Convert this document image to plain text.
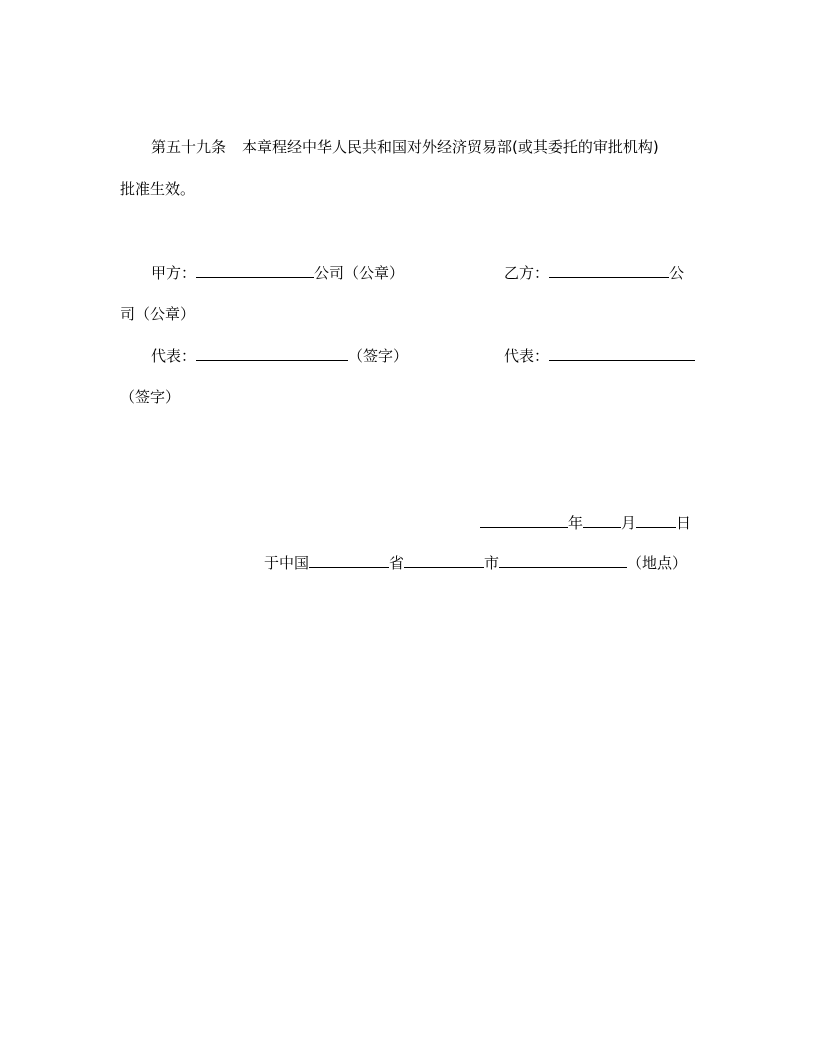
第五十九条 本章程经中华人民共和国对外经济贸易部(或其委托的审批机构)
批准生效。
甲方：	公司（公章）	乙方：	公
司（公章）
代表：	（签字）	代表：
（签字）
年	月	日
于中国	省	市	（地点）
